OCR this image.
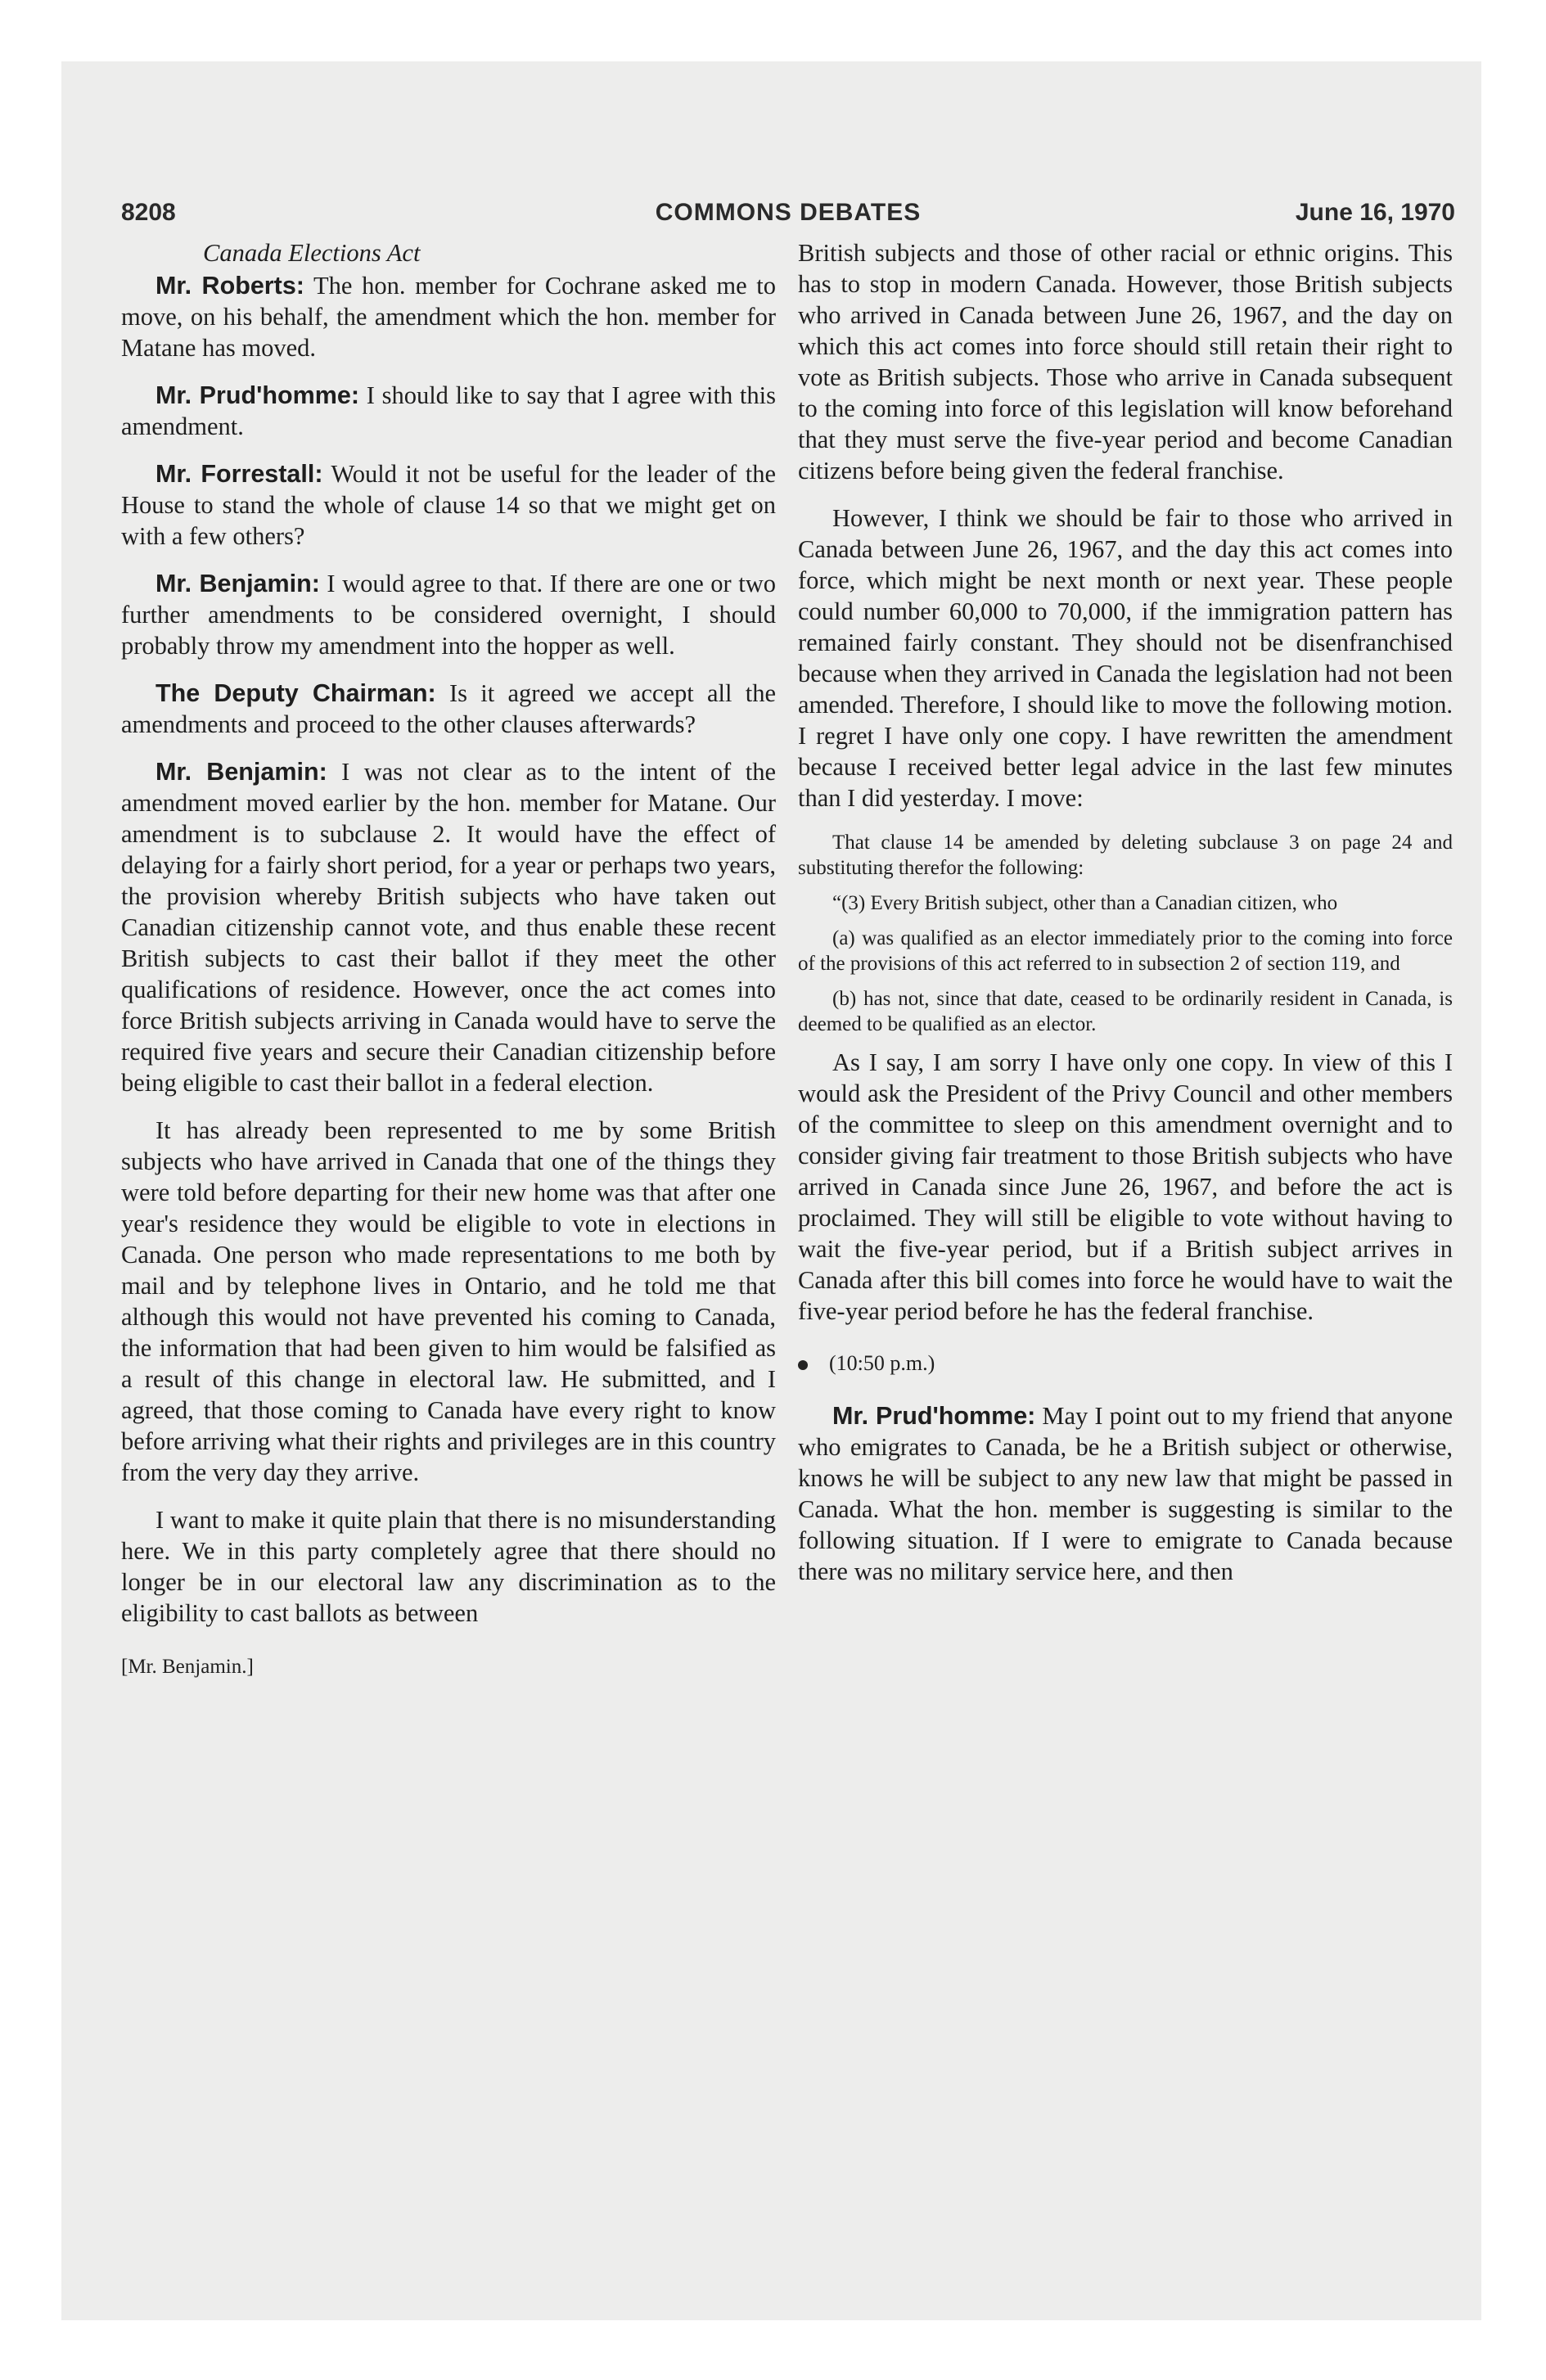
8208	COMMONS DEBATES	June 16, 1970
Canada Elections Act

Mr. Roberts: The hon. member for Cochrane asked me to move, on his behalf, the amendment which the hon. member for Matane has moved.

Mr. Prud'homme: I should like to say that I agree with this amendment.

Mr. Forrestall: Would it not be useful for the leader of the House to stand the whole of clause 14 so that we might get on with a few others?

Mr. Benjamin: I would agree to that. If there are one or two further amendments to be considered overnight, I should probably throw my amendment into the hopper as well.

The Deputy Chairman: Is it agreed we accept all the amendments and proceed to the other clauses afterwards?

Mr. Benjamin: I was not clear as to the intent of the amendment moved earlier by the hon. member for Matane. Our amendment is to subclause 2. It would have the effect of delaying for a fairly short period, for a year or perhaps two years, the provision whereby British subjects who have taken out Canadian citizenship cannot vote, and thus enable these recent British subjects to cast their ballot if they meet the other qualifications of residence. However, once the act comes into force British subjects arriving in Canada would have to serve the required five years and secure their Canadian citizenship before being eligible to cast their ballot in a federal election.

It has already been represented to me by some British subjects who have arrived in Canada that one of the things they were told before departing for their new home was that after one year's residence they would be eligible to vote in elections in Canada. One person who made representations to me both by mail and by telephone lives in Ontario, and he told me that although this would not have prevented his coming to Canada, the information that had been given to him would be falsified as a result of this change in electoral law. He submitted, and I agreed, that those coming to Canada have every right to know before arriving what their rights and privileges are in this country from the very day they arrive.

I want to make it quite plain that there is no misunderstanding here. We in this party completely agree that there should no longer be in our electoral law any discrimination as to the eligibility to cast ballots as between

[Mr. Benjamin.]

British subjects and those of other racial or ethnic origins. This has to stop in modern Canada. However, those British subjects who arrived in Canada between June 26, 1967, and the day on which this act comes into force should still retain their right to vote as British subjects. Those who arrive in Canada subsequent to the coming into force of this legislation will know beforehand that they must serve the five-year period and become Canadian citizens before being given the federal franchise.

However, I think we should be fair to those who arrived in Canada between June 26, 1967, and the day this act comes into force, which might be next month or next year. These people could number 60,000 to 70,000, if the immigration pattern has remained fairly constant. They should not be disenfranchised because when they arrived in Canada the legislation had not been amended. Therefore, I should like to move the following motion. I regret I have only one copy. I have rewritten the amendment because I received better legal advice in the last few minutes than I did yesterday. I move:

That clause 14 be amended by deleting subclause 3 on page 24 and substituting therefor the following:

“(3) Every British subject, other than a Canadian citizen, who

(a) was qualified as an elector immediately prior to the coming into force of the provisions of this act referred to in subsection 2 of section 119, and

(b) has not, since that date, ceased to be ordinarily resident in Canada, is deemed to be qualified as an elector.

As I say, I am sorry I have only one copy. In view of this I would ask the President of the Privy Council and other members of the committee to sleep on this amendment overnight and to consider giving fair treatment to those British subjects who have arrived in Canada since June 26, 1967, and before the act is proclaimed. They will still be eligible to vote without having to wait the five-year period, but if a British subject arrives in Canada after this bill comes into force he would have to wait the five-year period before he has the federal franchise.

(10:50 p.m.)

Mr. Prud'homme: May I point out to my friend that anyone who emigrates to Canada, be he a British subject or otherwise, knows he will be subject to any new law that might be passed in Canada. What the hon. member is suggesting is similar to the following situation. If I were to emigrate to Canada because there was no military service here, and then
